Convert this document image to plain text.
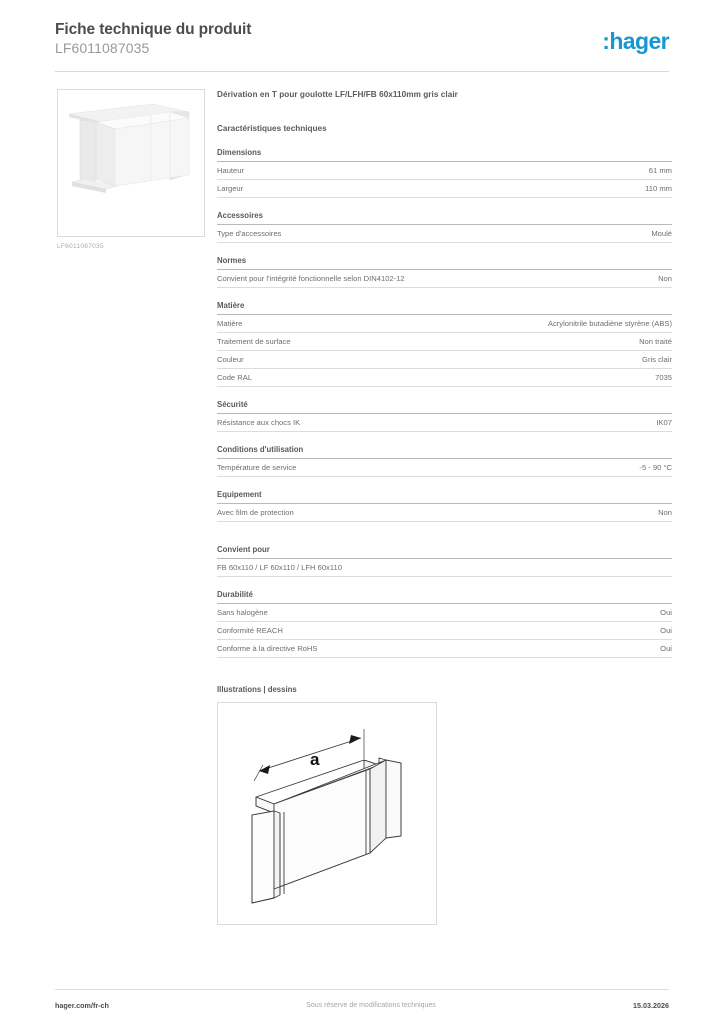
Fiche technique du produit
LF6011087035	:hager
LF6011087035
Dérivation en T pour goulotte LF/LFH/FB 60x110mm gris clair
Caractéristiques techniques
Dimensions
Hauteur	61 mm
Largeur	110 mm
Accessoires
Type d'accessoires	Moulé
Normes
Convient pour l'intégrité fonctionnelle selon DIN4102-12	Non
Matière
Matière	Acrylonitrile butadiène styrène (ABS)
Traitement de surface	Non traité
Couleur	Gris clair
Code RAL	7035
Sécurité
Résistance aux chocs IK	IK07
Conditions d'utilisation
Température de service	-5 - 90 °C
Equipement
Avec film de protection	Non
Convient pour
FB 60x110 / LF 60x110 / LFH 60x110
Durabilité
Sans halogène	Oui
Conformité REACH	Oui
Conforme à la directive RoHS	Oui
Illustrations | dessins
a
hager.com/fr-ch	Sous réserve de modifications techniques	15.03.2026
